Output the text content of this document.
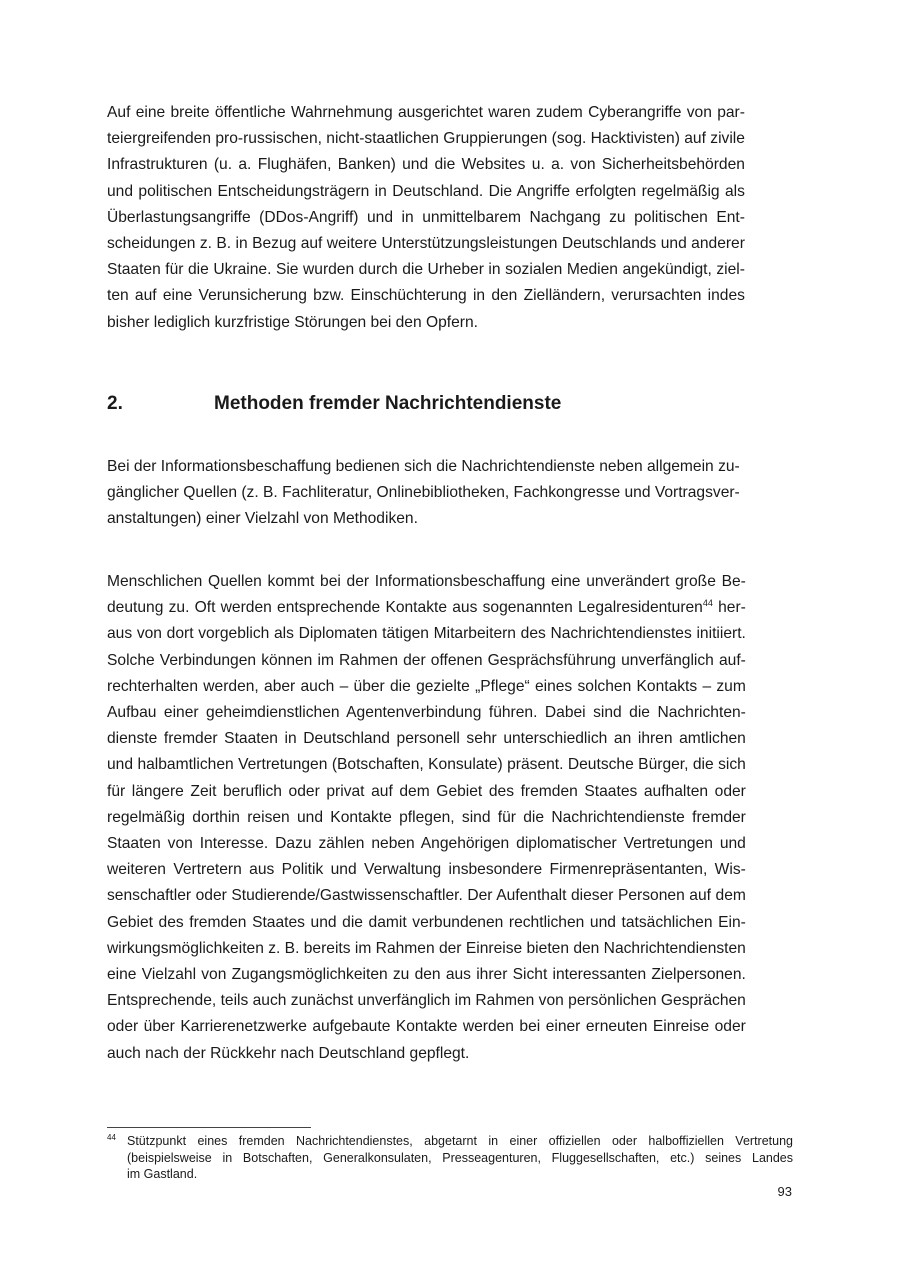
Auf eine breite öffentliche Wahrnehmung ausgerichtet waren zudem Cyberangriffe von par-
teiergreifenden pro-russischen, nicht-staatlichen Gruppierungen (sog. Hacktivisten) auf zivile
Infrastrukturen (u. a. Flughäfen, Banken) und die Websites u. a. von Sicherheitsbehörden
und politischen Entscheidungsträgern in Deutschland. Die Angriffe erfolgten regelmäßig als
Überlastungsangriffe (DDos-Angriff) und in unmittelbarem Nachgang zu politischen Ent-
scheidungen z. B. in Bezug auf weitere Unterstützungsleistungen Deutschlands und anderer
Staaten für die Ukraine. Sie wurden durch die Urheber in sozialen Medien angekündigt, ziel-
ten auf eine Verunsicherung bzw. Einschüchterung in den Zielländern, verursachten indes
bisher lediglich kurzfristige Störungen bei den Opfern.

2.	Methoden fremder Nachrichtendienste

Bei der Informationsbeschaffung bedienen sich die Nachrichtendienste neben allgemein zu-
gänglicher Quellen (z. B. Fachliteratur, Onlinebibliotheken, Fachkongresse und Vortragsver-
anstaltungen) einer Vielzahl von Methodiken.

Menschlichen Quellen kommt bei der Informationsbeschaffung eine unverändert große Be-
deutung zu. Oft werden entsprechende Kontakte aus sogenannten Legalresidenturen$^{44}$ her-
aus von dort vorgeblich als Diplomaten tätigen Mitarbeitern des Nachrichtendienstes initiiert.
Solche Verbindungen können im Rahmen der offenen Gesprächsführung unverfänglich auf-
rechterhalten werden, aber auch – über die gezielte „Pflege“ eines solchen Kontakts – zum
Aufbau einer geheimdienstlichen Agentenverbindung führen. Dabei sind die Nachrichten-
dienste fremder Staaten in Deutschland personell sehr unterschiedlich an ihren amtlichen
und halbamtlichen Vertretungen (Botschaften, Konsulate) präsent. Deutsche Bürger, die sich
für längere Zeit beruflich oder privat auf dem Gebiet des fremden Staates aufhalten oder
regelmäßig dorthin reisen und Kontakte pflegen, sind für die Nachrichtendienste fremder
Staaten von Interesse. Dazu zählen neben Angehörigen diplomatischer Vertretungen und
weiteren Vertretern aus Politik und Verwaltung insbesondere Firmenrepräsentanten, Wis-
senschaftler oder Studierende/Gastwissenschaftler. Der Aufenthalt dieser Personen auf dem
Gebiet des fremden Staates und die damit verbundenen rechtlichen und tatsächlichen Ein-
wirkungsmöglichkeiten z. B. bereits im Rahmen der Einreise bieten den Nachrichtendiensten
eine Vielzahl von Zugangsmöglichkeiten zu den aus ihrer Sicht interessanten Zielpersonen.
Entsprechende, teils auch zunächst unverfänglich im Rahmen von persönlichen Gesprächen
oder über Karrierenetzwerke aufgebaute Kontakte werden bei einer erneuten Einreise oder
auch nach der Rückkehr nach Deutschland gepflegt.

44 Stützpunkt eines fremden Nachrichtendienstes, abgetarnt in einer offiziellen oder halboffiziellen Vertretung
(beispielsweise in Botschaften, Generalkonsulaten, Presseagenturen, Fluggesellschaften, etc.) seines Landes
im Gastland.
93
